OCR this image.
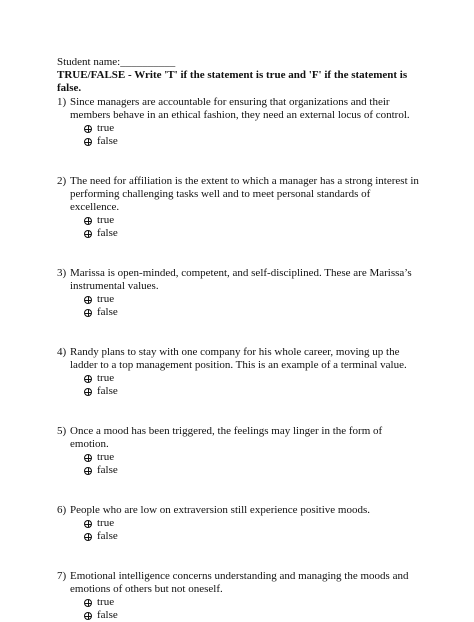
Student name:__________

TRUE/FALSE - Write 'T' if the statement is true and 'F' if the statement is false.

1) Since managers are accountable for ensuring that organizations and their members behave in an ethical fashion, they need an external locus of control.
true
false
2) The need for affiliation is the extent to which a manager has a strong interest in performing challenging tasks well and to meet personal standards of excellence.
true
false
3) Marissa is open-minded, competent, and self-disciplined. These are Marissa’s instrumental values.
true
false
4) Randy plans to stay with one company for his whole career, moving up the ladder to a top management position. This is an example of a terminal value.
true
false
5) Once a mood has been triggered, the feelings may linger in the form of emotion.
true
false
6) People who are low on extraversion still experience positive moods.
true
false
7) Emotional intelligence concerns understanding and managing the moods and emotions of others but not oneself.
true
false
